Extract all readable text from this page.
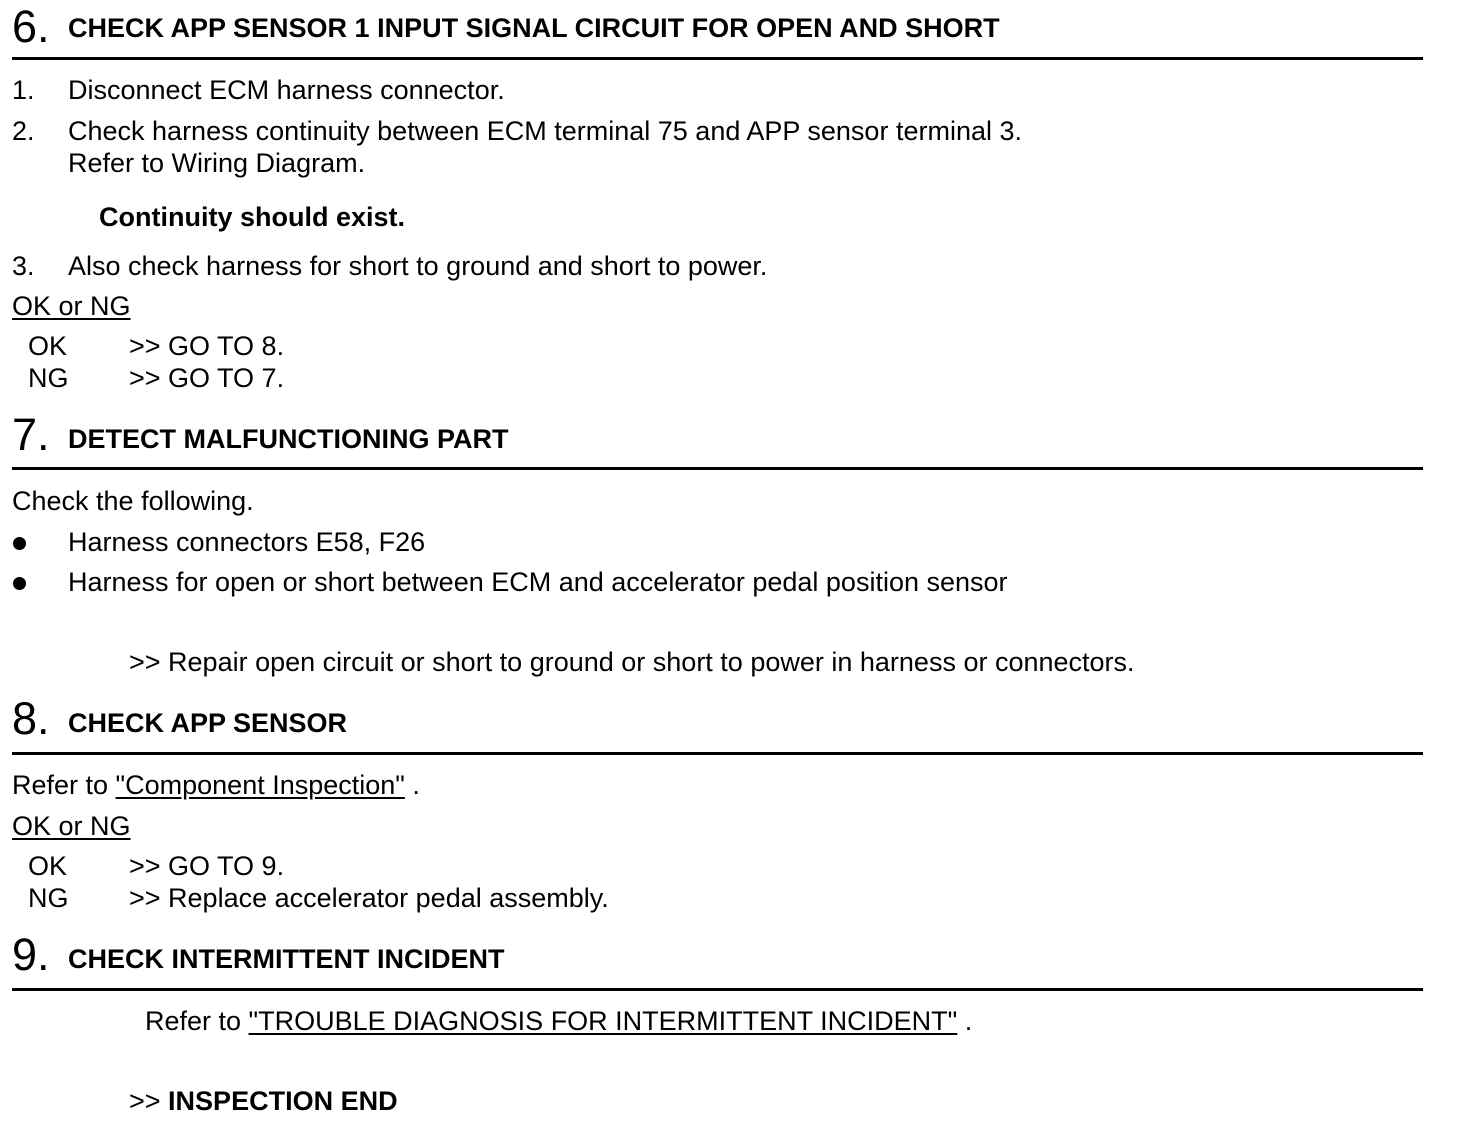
6. CHECK APP SENSOR 1 INPUT SIGNAL CIRCUIT FOR OPEN AND SHORT
1. Disconnect ECM harness connector.
2. Check harness continuity between ECM terminal 75 and APP sensor terminal 3.
Refer to Wiring Diagram.
Continuity should exist.
3. Also check harness for short to ground and short to power.
OK or NG
OK >> GO TO 8.
NG >> GO TO 7.
7. DETECT MALFUNCTIONING PART
Check the following.
Harness connectors E58, F26
Harness for open or short between ECM and accelerator pedal position sensor
>> Repair open circuit or short to ground or short to power in harness or connectors.
8. CHECK APP SENSOR
Refer to "Component Inspection" .
OK or NG
OK >> GO TO 9.
NG >> Replace accelerator pedal assembly.
9. CHECK INTERMITTENT INCIDENT
Refer to "TROUBLE DIAGNOSIS FOR INTERMITTENT INCIDENT" .
>> INSPECTION END
